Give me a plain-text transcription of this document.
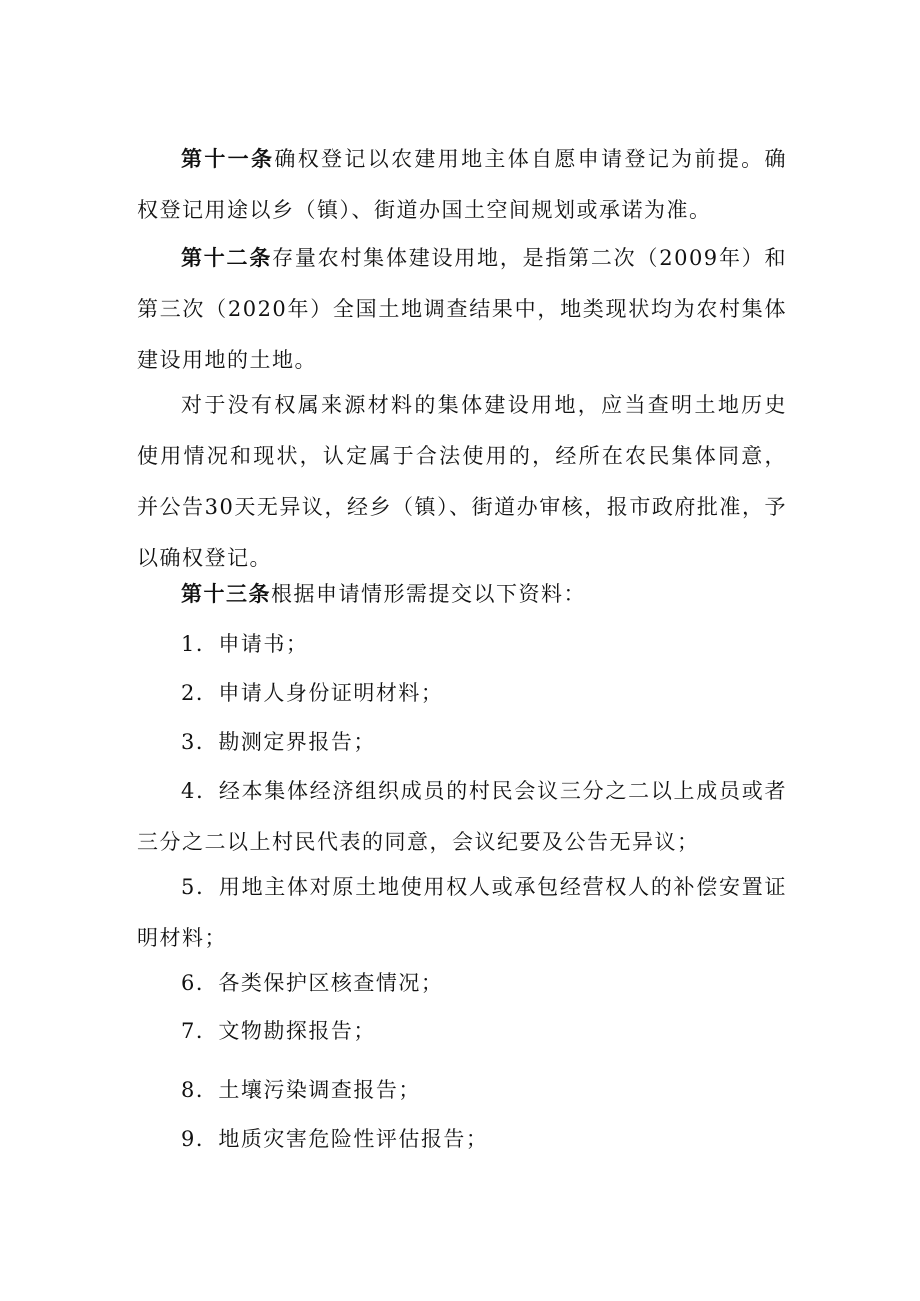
第十一条确权登记以农建用地主体自愿申请登记为前提。确权登记用途以乡（镇）、街道办国土空间规划或承诺为准。

第十二条存量农村集体建设用地，是指第二次（2009年）和第三次（2020年）全国土地调查结果中，地类现状均为农村集体建设用地的土地。

对于没有权属来源材料的集体建设用地，应当查明土地历史使用情况和现状，认定属于合法使用的，经所在农民集体同意，并公告30天无异议，经乡（镇）、街道办审核，报市政府批准，予以确权登记。

第十三条根据申请情形需提交以下资料：

1．申请书；

2．申请人身份证明材料；

3．勘测定界报告；

4．经本集体经济组织成员的村民会议三分之二以上成员或者三分之二以上村民代表的同意，会议纪要及公告无异议；

5．用地主体对原土地使用权人或承包经营权人的补偿安置证明材料；

6．各类保护区核查情况；

7．文物勘探报告；

8．土壤污染调查报告；

9．地质灾害危险性评估报告；
